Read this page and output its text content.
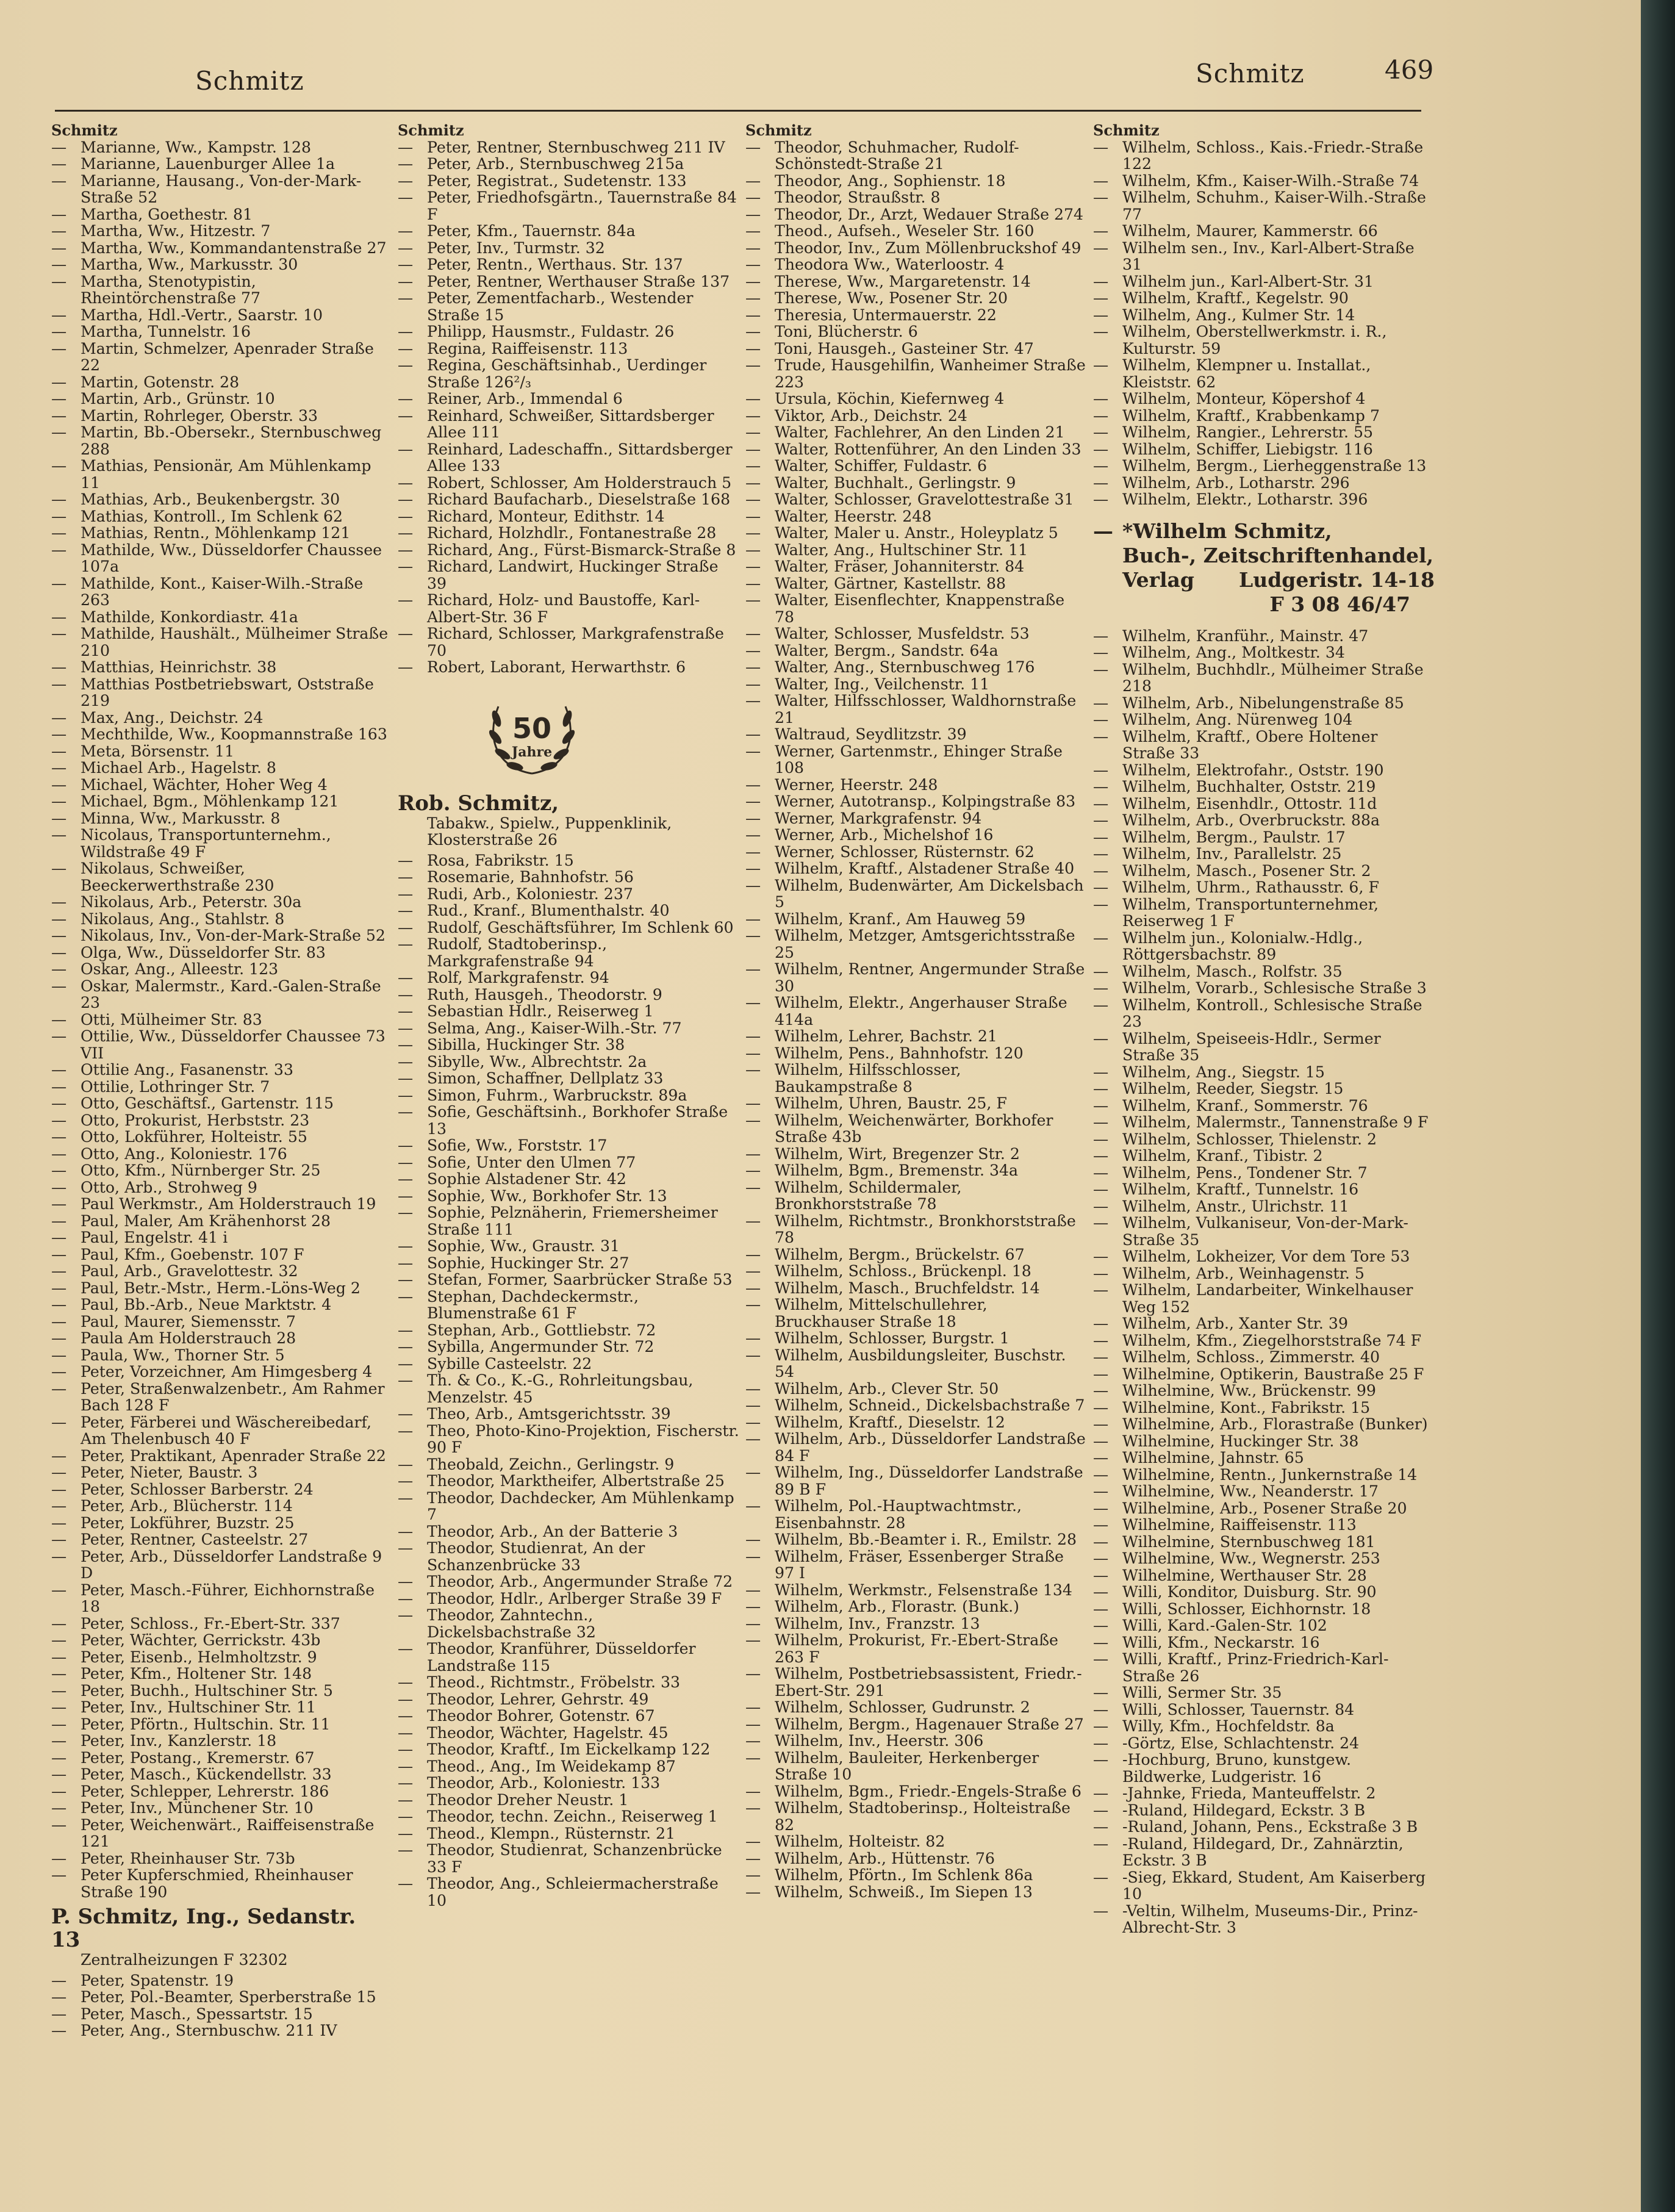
Schmitz	Schmitz	469
Schmitz
— Marianne, Ww., Kampstr. 128
— Marianne, Lauenburger Allee 1a
— Marianne, Hausang., Von-der-Mark-Straße 52
— Martha, Goethestr. 81
— Martha, Ww., Hitzestr. 7
— Martha, Ww., Kommandantenstraße 27
— Martha, Ww., Markusstr. 30
— Martha, Stenotypistin, Rheintörchenstraße 77
— Martha, Hdl.-Vertr., Saarstr. 10
— Martha, Tunnelstr. 16
— Martin, Schmelzer, Apenrader Straße 22
— Martin, Gotenstr. 28
— Martin, Arb., Grünstr. 10
— Martin, Rohrleger, Oberstr. 33
— Martin, Bb.-Obersekr., Sternbuschweg 288
— Mathias, Pensionär, Am Mühlenkamp 11
— Mathias, Arb., Beukenbergstr. 30
— Mathias, Kontroll., Im Schlenk 62
— Mathias, Rentn., Möhlenkamp 121
— Mathilde, Ww., Düsseldorfer Chaussee 107a
— Mathilde, Kont., Kaiser-Wilh.-Straße 263
— Mathilde, Konkordiastr. 41a
— Mathilde, Haushält., Mülheimer Straße 210
— Matthias, Heinrichstr. 38
— Matthias Postbetriebswart, Oststraße 219
— Max, Ang., Deichstr. 24
— Mechthilde, Ww., Koopmannstraße 163
— Meta, Börsenstr. 11
— Michael Arb., Hagelstr. 8
— Michael, Wächter, Hoher Weg 4
— Michael, Bgm., Möhlenkamp 121
— Minna, Ww., Markusstr. 8
— Nicolaus, Transportunternehm., Wildstraße 49 F
— Nikolaus, Schweißer, Beeckerwerthstraße 230
— Nikolaus, Arb., Peterstr. 30a
— Nikolaus, Ang., Stahlstr. 8
— Nikolaus, Inv., Von-der-Mark-Straße 52
— Olga, Ww., Düsseldorfer Str. 83
— Oskar, Ang., Alleestr. 123
— Oskar, Malermstr., Kard.-Galen-Straße 23
— Otti, Mülheimer Str. 83
— Ottilie, Ww., Düsseldorfer Chaussee 73 VII
— Ottilie Ang., Fasanenstr. 33
— Ottilie, Lothringer Str. 7
— Otto, Geschäftsf., Gartenstr. 115
— Otto, Prokurist, Herbststr. 23
— Otto, Lokführer, Holteistr. 55
— Otto, Ang., Koloniestr. 176
— Otto, Kfm., Nürnberger Str. 25
— Otto, Arb., Strohweg 9
— Paul Werkmstr., Am Holderstrauch 19
— Paul, Maler, Am Krähenhorst 28
— Paul, Engelstr. 41 i
— Paul, Kfm., Goebenstr. 107 F
— Paul, Arb., Gravelottestr. 32
— Paul, Betr.-Mstr., Herm.-Löns-Weg 2
— Paul, Bb.-Arb., Neue Marktstr. 4
— Paul, Maurer, Siemensstr. 7
— Paula Am Holderstrauch 28
— Paula, Ww., Thorner Str. 5
— Peter, Vorzeichner, Am Himgesberg 4
— Peter, Straßenwalzenbetr., Am Rahmer Bach 128 F
— Peter, Färberei und Wäschereibedarf, Am Thelenbusch 40 F
— Peter, Praktikant, Apenrader Straße 22
— Peter, Nieter, Baustr. 3
— Peter, Schlosser Barberstr. 24
— Peter, Arb., Blücherstr. 114
— Peter, Lokführer, Buzstr. 25
— Peter, Rentner, Casteelstr. 27
— Peter, Arb., Düsseldorfer Landstraße 9 D
— Peter, Masch.-Führer, Eichhornstraße 18
— Peter, Schloss., Fr.-Ebert-Str. 337
— Peter, Wächter, Gerrickstr. 43b
— Peter, Eisenb., Helmholtzstr. 9
— Peter, Kfm., Holtener Str. 148
— Peter, Buchh., Hultschiner Str. 5
— Peter, Inv., Hultschiner Str. 11
— Peter, Pförtn., Hultschin. Str. 11
— Peter, Inv., Kanzlerstr. 18
— Peter, Postang., Kremerstr. 67
— Peter, Masch., Kückendellstr. 33
— Peter, Schlepper, Lehrerstr. 186
— Peter, Inv., Münchener Str. 10
— Peter, Weichenwärt., Raiffeisenstraße 121
— Peter, Rheinhauser Str. 73b
— Peter Kupferschmied, Rheinhauser Straße 190
P. Schmitz, Ing., Sedanstr. 13
Zentralheizungen F 32302
— Peter, Spatenstr. 19
— Peter, Pol.-Beamter, Sperberstraße 15
— Peter, Masch., Spessartstr. 15
— Peter, Ang., Sternbuschw. 211 IV
Schmitz
— Peter, Rentner, Sternbuschweg 211 IV
— Peter, Arb., Sternbuschweg 215a
— Peter, Registrat., Sudetenstr. 133
— Peter, Friedhofsgärtn., Tauernstraße 84 F
— Peter, Kfm., Tauernstr. 84a
— Peter, Inv., Turmstr. 32
— Peter, Rentn., Werthaus. Str. 137
— Peter, Rentner, Werthauser Straße 137
— Peter, Zementfacharb., Westender Straße 15
— Philipp, Hausmstr., Fuldastr. 26
— Regina, Raiffeisenstr. 113
— Regina, Geschäftsinhab., Uerdinger Straße 126²/₃
— Reiner, Arb., Immendal 6
— Reinhard, Schweißer, Sittardsberger Allee 111
— Reinhard, Ladeschaffn., Sittardsberger Allee 133
— Robert, Schlosser, Am Holderstrauch 5
— Richard Baufacharb., Dieselstraße 168
— Richard, Monteur, Edithstr. 14
— Richard, Holzhdlr., Fontanestraße 28
— Richard, Ang., Fürst-Bismarck-Straße 8
— Richard, Landwirt, Huckinger Straße 39
— Richard, Holz- und Baustoffe, Karl-Albert-Str. 36 F
— Richard, Schlosser, Markgrafenstraße 70
— Robert, Laborant, Herwarthstr. 6
50
Jahre
Rob. Schmitz,
Tabakw., Spielw., Puppenklinik, Klosterstraße 26
— Rosa, Fabrikstr. 15
— Rosemarie, Bahnhofstr. 56
— Rudi, Arb., Koloniestr. 237
— Rud., Kranf., Blumenthalstr. 40
— Rudolf, Geschäftsführer, Im Schlenk 60
— Rudolf, Stadtoberinsp., Markgrafenstraße 94
— Rolf, Markgrafenstr. 94
— Ruth, Hausgeh., Theodorstr. 9
— Sebastian Hdlr., Reiserweg 1
— Selma, Ang., Kaiser-Wilh.-Str. 77
— Sibilla, Huckinger Str. 38
— Sibylle, Ww., Albrechtstr. 2a
— Simon, Schaffner, Dellplatz 33
— Simon, Fuhrm., Warbruckstr. 89a
— Sofie, Geschäftsinh., Borkhofer Straße 13
— Sofie, Ww., Forststr. 17
— Sofie, Unter den Ulmen 77
— Sophie Alstadener Str. 42
— Sophie, Ww., Borkhofer Str. 13
— Sophie, Pelznäherin, Friemersheimer Straße 111
— Sophie, Ww., Graustr. 31
— Sophie, Huckinger Str. 27
— Stefan, Former, Saarbrücker Straße 53
— Stephan, Dachdeckermstr., Blumenstraße 61 F
— Stephan, Arb., Gottliebstr. 72
— Sybilla, Angermunder Str. 72
— Sybille Casteelstr. 22
— Th. & Co., K.-G., Rohrleitungsbau, Menzelstr. 45
— Theo, Arb., Amtsgerichtsstr. 39
— Theo, Photo-Kino-Projektion, Fischerstr. 90 F
— Theobald, Zeichn., Gerlingstr. 9
— Theodor, Marktheifer, Albertstraße 25
— Theodor, Dachdecker, Am Mühlenkamp 7
— Theodor, Arb., An der Batterie 3
— Theodor, Studienrat, An der Schanzenbrücke 33
— Theodor, Arb., Angermunder Straße 72
— Theodor, Hdlr., Arlberger Straße 39 F
— Theodor, Zahntechn., Dickelsbachstraße 32
— Theodor, Kranführer, Düsseldorfer Landstraße 115
— Theod., Richtmstr., Fröbelstr. 33
— Theodor, Lehrer, Gehrstr. 49
— Theodor Bohrer, Gotenstr. 67
— Theodor, Wächter, Hagelstr. 45
— Theodor, Kraftf., Im Eickelkamp 122
— Theod., Ang., Im Weidekamp 87
— Theodor, Arb., Koloniestr. 133
— Theodor Dreher Neustr. 1
— Theodor, techn. Zeichn., Reiserweg 1
— Theod., Klempn., Rüsternstr. 21
— Theodor, Studienrat, Schanzenbrücke 33 F
— Theodor, Ang., Schleiermacherstraße 10
Schmitz
— Theodor, Schuhmacher, Rudolf-Schönstedt-Straße 21
— Theodor, Ang., Sophienstr. 18
— Theodor, Straußstr. 8
— Theodor, Dr., Arzt, Wedauer Straße 274
— Theod., Aufseh., Weseler Str. 160
— Theodor, Inv., Zum Möllenbruckshof 49
— Theodora Ww., Waterloostr. 4
— Therese, Ww., Margaretenstr. 14
— Therese, Ww., Posener Str. 20
— Theresia, Untermauerstr. 22
— Toni, Blücherstr. 6
— Toni, Hausgeh., Gasteiner Str. 47
— Trude, Hausgehilfin, Wanheimer Straße 223
— Ursula, Köchin, Kiefernweg 4
— Viktor, Arb., Deichstr. 24
— Walter, Fachlehrer, An den Linden 21
— Walter, Rottenführer, An den Linden 33
— Walter, Schiffer, Fuldastr. 6
— Walter, Buchhalt., Gerlingstr. 9
— Walter, Schlosser, Gravelottestraße 31
— Walter, Heerstr. 248
— Walter, Maler u. Anstr., Holeyplatz 5
— Walter, Ang., Hultschiner Str. 11
— Walter, Fräser, Johanniterstr. 84
— Walter, Gärtner, Kastellstr. 88
— Walter, Eisenflechter, Knappenstraße 78
— Walter, Schlosser, Musfeldstr. 53
— Walter, Bergm., Sandstr. 64a
— Walter, Ang., Sternbuschweg 176
— Walter, Ing., Veilchenstr. 11
— Walter, Hilfsschlosser, Waldhornstraße 21
— Waltraud, Seydlitzstr. 39
— Werner, Gartenmstr., Ehinger Straße 108
— Werner, Heerstr. 248
— Werner, Autotransp., Kolpingstraße 83
— Werner, Markgrafenstr. 94
— Werner, Arb., Michelshof 16
— Werner, Schlosser, Rüsternstr. 62
— Wilhelm, Kraftf., Alstadener Straße 40
— Wilhelm, Budenwärter, Am Dickelsbach 5
— Wilhelm, Kranf., Am Hauweg 59
— Wilhelm, Metzger, Amtsgerichtsstraße 25
— Wilhelm, Rentner, Angermunder Straße 30
— Wilhelm, Elektr., Angerhauser Straße 414a
— Wilhelm, Lehrer, Bachstr. 21
— Wilhelm, Pens., Bahnhofstr. 120
— Wilhelm, Hilfsschlosser, Baukampstraße 8
— Wilhelm, Uhren, Baustr. 25, F
— Wilhelm, Weichenwärter, Borkhofer Straße 43b
— Wilhelm, Wirt, Bregenzer Str. 2
— Wilhelm, Bgm., Bremenstr. 34a
— Wilhelm, Schildermaler, Bronkhorststraße 78
— Wilhelm, Richtmstr., Bronkhorststraße 78
— Wilhelm, Bergm., Brückelstr. 67
— Wilhelm, Schloss., Brückenpl. 18
— Wilhelm, Masch., Bruchfeldstr. 14
— Wilhelm, Mittelschullehrer, Bruckhauser Straße 18
— Wilhelm, Schlosser, Burgstr. 1
— Wilhelm, Ausbildungsleiter, Buschstr. 54
— Wilhelm, Arb., Clever Str. 50
— Wilhelm, Schneid., Dickelsbachstraße 7
— Wilhelm, Kraftf., Dieselstr. 12
— Wilhelm, Arb., Düsseldorfer Landstraße 84 F
— Wilhelm, Ing., Düsseldorfer Landstraße 89 B F
— Wilhelm, Pol.-Hauptwachtmstr., Eisenbahnstr. 28
— Wilhelm, Bb.-Beamter i. R., Emilstr. 28
— Wilhelm, Fräser, Essenberger Straße 97 I
— Wilhelm, Werkmstr., Felsenstraße 134
— Wilhelm, Arb., Florastr. (Bunk.)
— Wilhelm, Inv., Franzstr. 13
— Wilhelm, Prokurist, Fr.-Ebert-Straße 263 F
— Wilhelm, Postbetriebsassistent, Friedr.-Ebert-Str. 291
— Wilhelm, Schlosser, Gudrunstr. 2
— Wilhelm, Bergm., Hagenauer Straße 27
— Wilhelm, Inv., Heerstr. 306
— Wilhelm, Bauleiter, Herkenberger Straße 10
— Wilhelm, Bgm., Friedr.-Engels-Straße 6
— Wilhelm, Stadtoberinsp., Holteistraße 82
— Wilhelm, Holteistr. 82
— Wilhelm, Arb., Hüttenstr. 76
— Wilhelm, Pförtn., Im Schlenk 86a
— Wilhelm, Schweiß., Im Siepen 13
Schmitz
— Wilhelm, Schloss., Kais.-Friedr.-Straße 122
— Wilhelm, Kfm., Kaiser-Wilh.-Straße 74
— Wilhelm, Schuhm., Kaiser-Wilh.-Straße 77
— Wilhelm, Maurer, Kammerstr. 66
— Wilhelm sen., Inv., Karl-Albert-Straße 31
— Wilhelm jun., Karl-Albert-Str. 31
— Wilhelm, Kraftf., Kegelstr. 90
— Wilhelm, Ang., Kulmer Str. 14
— Wilhelm, Oberstellwerkmstr. i. R., Kulturstr. 59
— Wilhelm, Klempner u. Installat., Kleiststr. 62
— Wilhelm, Monteur, Köpershof 4
— Wilhelm, Kraftf., Krabbenkamp 7
— Wilhelm, Rangier., Lehrerstr. 55
— Wilhelm, Schiffer, Liebigstr. 116
— Wilhelm, Bergm., Lierheggenstraße 13
— Wilhelm, Arb., Lotharstr. 296
— Wilhelm, Elektr., Lotharstr. 396
— *Wilhelm Schmitz,
Buch-, Zeitschriftenhandel,
Verlag Ludgeristr. 14-18
F 3 08 46/47
— Wilhelm, Kranführ., Mainstr. 47
— Wilhelm, Ang., Moltkestr. 34
— Wilhelm, Buchhdlr., Mülheimer Straße 218
— Wilhelm, Arb., Nibelungenstraße 85
— Wilhelm, Ang. Nürenweg 104
— Wilhelm, Kraftf., Obere Holtener Straße 33
— Wilhelm, Elektrofahr., Oststr. 190
— Wilhelm, Buchhalter, Oststr. 219
— Wilhelm, Eisenhdlr., Ottostr. 11d
— Wilhelm, Arb., Overbruckstr. 88a
— Wilhelm, Bergm., Paulstr. 17
— Wilhelm, Inv., Parallelstr. 25
— Wilhelm, Masch., Posener Str. 2
— Wilhelm, Uhrm., Rathausstr. 6, F
— Wilhelm, Transportunternehmer, Reiserweg 1 F
— Wilhelm jun., Kolonialw.-Hdlg., Röttgersbachstr. 89
— Wilhelm, Masch., Rolfstr. 35
— Wilhelm, Vorarb., Schlesische Straße 3
— Wilhelm, Kontroll., Schlesische Straße 23
— Wilhelm, Speiseeis-Hdlr., Sermer Straße 35
— Wilhelm, Ang., Siegstr. 15
— Wilhelm, Reeder, Siegstr. 15
— Wilhelm, Kranf., Sommerstr. 76
— Wilhelm, Malermstr., Tannenstraße 9 F
— Wilhelm, Schlosser, Thielenstr. 2
— Wilhelm, Kranf., Tibistr. 2
— Wilhelm, Pens., Tondener Str. 7
— Wilhelm, Kraftf., Tunnelstr. 16
— Wilhelm, Anstr., Ulrichstr. 11
— Wilhelm, Vulkaniseur, Von-der-Mark-Straße 35
— Wilhelm, Lokheizer, Vor dem Tore 53
— Wilhelm, Arb., Weinhagenstr. 5
— Wilhelm, Landarbeiter, Winkelhauser Weg 152
— Wilhelm, Arb., Xanter Str. 39
— Wilhelm, Kfm., Ziegelhorststraße 74 F
— Wilhelm, Schloss., Zimmerstr. 40
— Wilhelmine, Optikerin, Baustraße 25 F
— Wilhelmine, Ww., Brückenstr. 99
— Wilhelmine, Kont., Fabrikstr. 15
— Wilhelmine, Arb., Florastraße (Bunker)
— Wilhelmine, Huckinger Str. 38
— Wilhelmine, Jahnstr. 65
— Wilhelmine, Rentn., Junkernstraße 14
— Wilhelmine, Ww., Neanderstr. 17
— Wilhelmine, Arb., Posener Straße 20
— Wilhelmine, Raiffeisenstr. 113
— Wilhelmine, Sternbuschweg 181
— Wilhelmine, Ww., Wegnerstr. 253
— Wilhelmine, Werthauser Str. 28
— Willi, Konditor, Duisburg. Str. 90
— Willi, Schlosser, Eichhornstr. 18
— Willi, Kard.-Galen-Str. 102
— Willi, Kfm., Neckarstr. 16
— Willi, Kraftf., Prinz-Friedrich-Karl-Straße 26
— Willi, Sermer Str. 35
— Willi, Schlosser, Tauernstr. 84
— Willy, Kfm., Hochfeldstr. 8a
— -Görtz, Else, Schlachtenstr. 24
— -Hochburg, Bruno, kunstgew. Bildwerke, Ludgeristr. 16
— -Jahnke, Frieda, Manteuffelstr. 2
— -Ruland, Hildegard, Eckstr. 3 B
— -Ruland, Johann, Pens., Eckstraße 3 B
— -Ruland, Hildegard, Dr., Zahnärztin, Eckstr. 3 B
— -Sieg, Ekkard, Student, Am Kaiserberg 10
— -Veltin, Wilhelm, Museums-Dir., Prinz-Albrecht-Str. 3
